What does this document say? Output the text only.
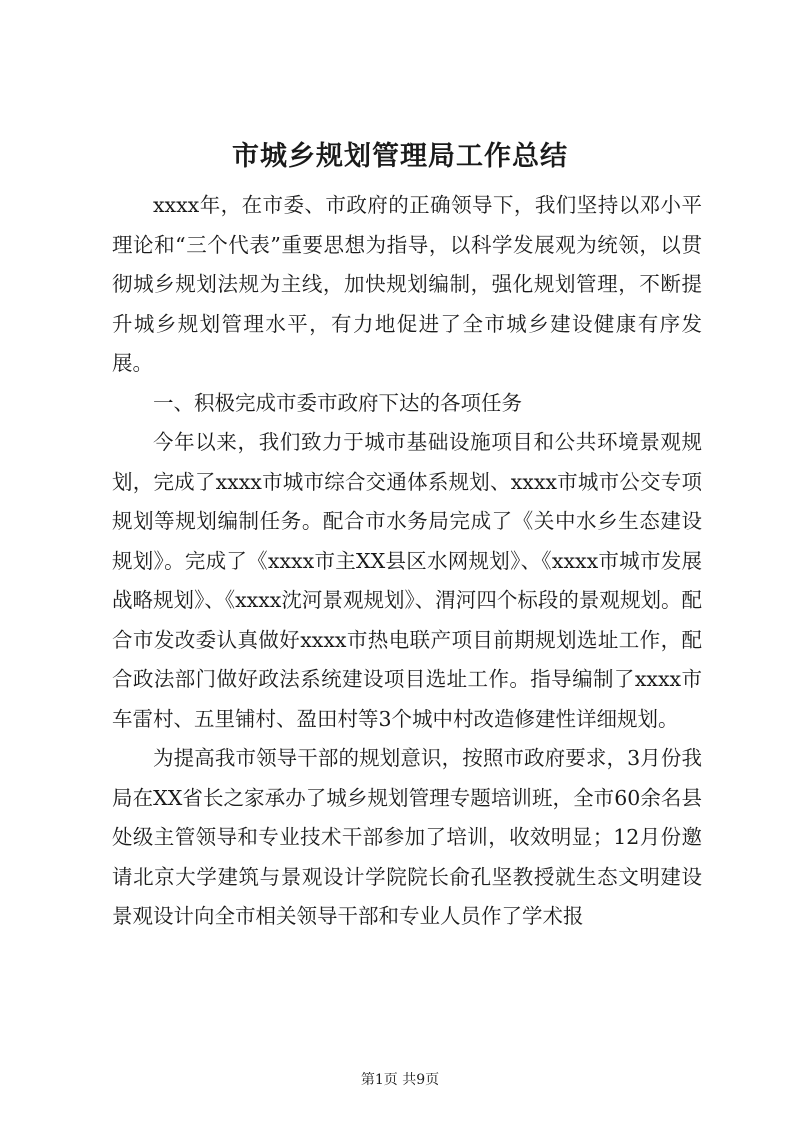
市城乡规划管理局工作总结

xxxx年，在市委、市政府的正确领导下，我们坚持以邓小平理论和“三个代表”重要思想为指导，以科学发展观为统领，以贯彻城乡规划法规为主线，加快规划编制，强化规划管理，不断提升城乡规划管理水平，有力地促进了全市城乡建设健康有序发展。

一、积极完成市委市政府下达的各项任务

今年以来，我们致力于城市基础设施项目和公共环境景观规划，完成了xxxx市城市综合交通体系规划、xxxx市城市公交专项规划等规划编制任务。配合市水务局完成了《关中水乡生态建设规划》。完成了《xxxx市主XX县区水网规划》、《xxxx市城市发展战略规划》、《xxxx沈河景观规划》、渭河四个标段的景观规划。配合市发改委认真做好xxxx市热电联产项目前期规划选址工作，配合政法部门做好政法系统建设项目选址工作。指导编制了xxxx市车雷村、五里铺村、盈田村等3个城中村改造修建性详细规划。

为提高我市领导干部的规划意识，按照市政府要求，3月份我局在XX省长之家承办了城乡规划管理专题培训班，全市60余名县处级主管领导和专业技术干部参加了培训，收效明显；12月份邀请北京大学建筑与景观设计学院院长俞孔坚教授就生态文明建设景观设计向全市相关领导干部和专业人员作了学术报

第1页 共9页
